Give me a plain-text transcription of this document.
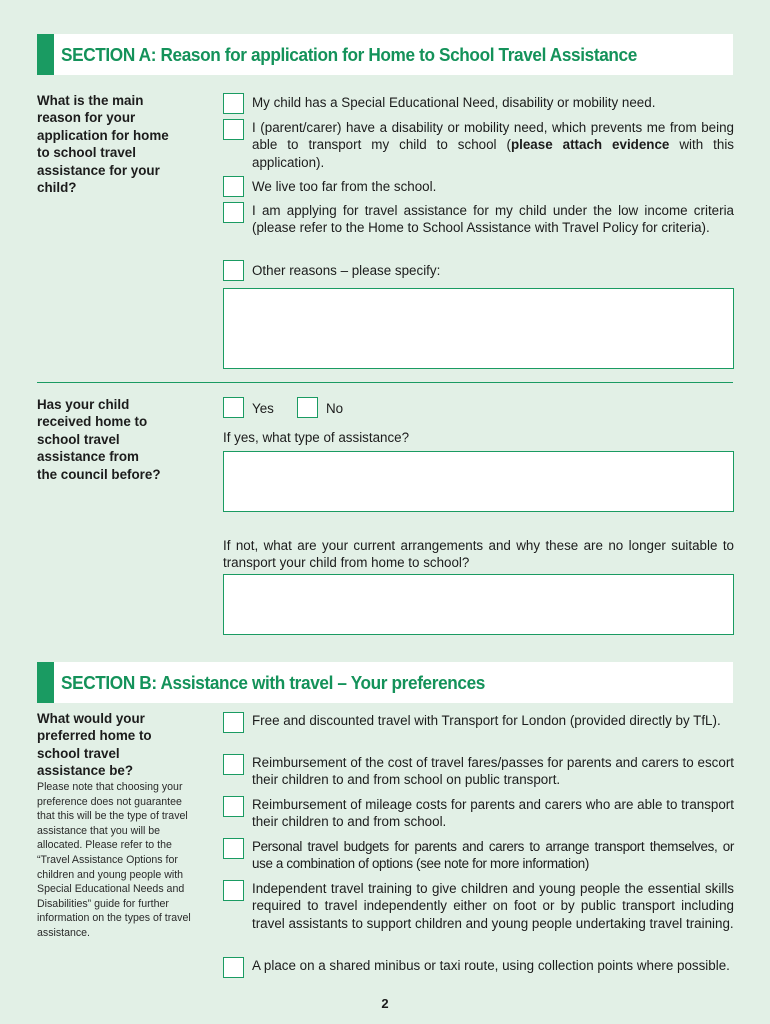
SECTION A: Reason for application for Home to School Travel Assistance
What is the main reason for your application for home to school travel assistance for your child?
My child has a Special Educational Need, disability or mobility need.
I (parent/carer) have a disability or mobility need, which prevents me from being able to transport my child to school (please attach evidence with this application).
We live too far from the school.
I am applying for travel assistance for my child under the low income criteria (please refer to the Home to School Assistance with Travel Policy for criteria).
Other reasons – please specify:
Has your child received home to school travel assistance from the council before?
Yes	No
If yes, what type of assistance?
If not, what are your current arrangements and why these are no longer suitable to transport your child from home to school?
SECTION B: Assistance with travel – Your preferences
What would your preferred home to school travel assistance be?
Please note that choosing your preference does not guarantee that this will be the type of travel assistance that you will be allocated. Please refer to the “Travel Assistance Options for children and young people with Special Educational Needs and Disabilities” guide for further information on the types of travel assistance.
Free and discounted travel with Transport for London (provided directly by TfL).
Reimbursement of the cost of travel fares/passes for parents and carers to escort their children to and from school on public transport.
Reimbursement of mileage costs for parents and carers who are able to transport their children to and from school.
Personal travel budgets for parents and carers to arrange transport themselves, or use a combination of options (see note for more information)
Independent travel training to give children and young people the essential skills required to travel independently either on foot or by public transport including travel assistants to support children and young people undertaking travel training.
A place on a shared minibus or taxi route, using collection points where possible.
2
